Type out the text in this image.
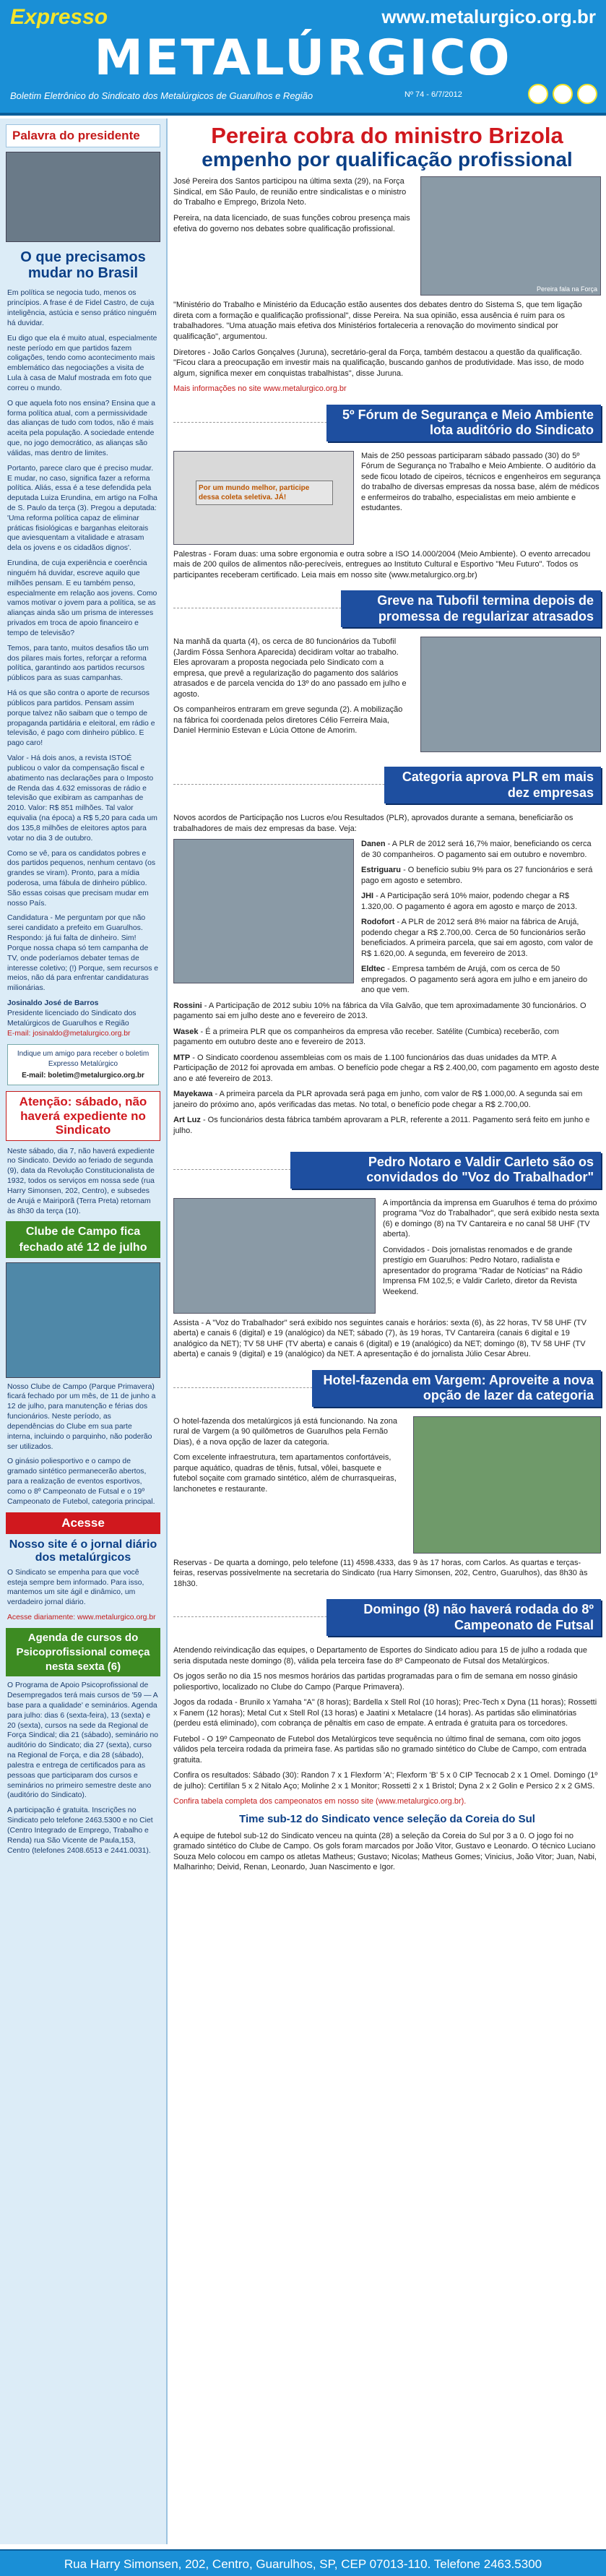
Expresso	www.metalurgico.org.br
METALÚRGICO
Boletim Eletrônico do Sindicato dos Metalúrgicos de Guarulhos e Região	Nº 74 - 6/7/2012
Palavra do presidente
O que precisamos mudar no Brasil
Em política se negocia tudo, menos os princípios. A frase é de Fidel Castro, de cuja inteligência, astúcia e senso prático ninguém há duvidar.
Eu digo que ela é muito atual, especialmente neste período em que partidos fazem coligações, tendo como acontecimento mais emblemático das negociações a visita de Lula à casa de Maluf mostrada em foto que correu o mundo.
O que aquela foto nos ensina? Ensina que a forma política atual, com a permissividade das alianças de tudo com todos, não é mais aceita pela população. A sociedade entende que, no jogo democrático, as alianças são válidas, mas dentro de limites.
Portanto, parece claro que é preciso mudar. E mudar, no caso, significa fazer a reforma política. Aliás, essa é a tese defendida pela deputada Luiza Erundina, em artigo na Folha de S. Paulo da terça (3). Pregou a deputada: 'Uma reforma política capaz de eliminar práticas fisiológicas e barganhas eleitorais que aviesquentam a vitalidade e atrasam dela os jovens e os cidadãos dignos'.
Erundina, de cuja experiência e coerência ninguém há duvidar, escreve aquilo que milhões pensam. E eu também penso, especialmente em relação aos jovens. Como vamos motivar o jovem para a política, se as alianças ainda são um prisma de interesses privados em troca de apoio financeiro e tempo de televisão?
Temos, para tanto, muitos desafios tão um dos pilares mais fortes, reforçar a reforma política, garantindo aos partidos recursos públicos para as suas campanhas.
Há os que são contra o aporte de recursos públicos para partidos. Pensam assim porque talvez não saibam que o tempo de propaganda partidária e eleitoral, em rádio e televisão, é pago com dinheiro público. E pago caro!
Valor - Há dois anos, a revista ISTOÉ publicou o valor da compensação fiscal e abatimento nas declarações para o Imposto de Renda das 4.632 emissoras de rádio e televisão que exibiram as campanhas de 2010. Valor: R$ 851 milhões. Tal valor equivalia (na época) a R$ 5,20 para cada um dos 135,8 milhões de eleitores aptos para votar no dia 3 de outubro.
Como se vê, para os candidatos pobres e dos partidos pequenos, nenhum centavo (os grandes se viram). Pronto, para a mídia poderosa, uma fábula de dinheiro público. São essas coisas que precisam mudar em nosso País.
Candidatura - Me perguntam por que não serei candidato a prefeito em Guarulhos. Respondo: já fui falta de dinheiro. Sim! Porque nossa chapa só tem campanha de TV, onde poderíamos debater temas de interesse coletivo; (!) Porque, sem recursos e meios, não dá para enfrentar candidaturas milionárias.
Josinaldo José de Barros
Presidente licenciado do Sindicato dos Metalúrgicos de Guarulhos e Região
E-mail: josinaldo@metalurgico.org.br
Indique um amigo para receber o boletim Expresso Metalúrgico
E-mail: boletim@metalurgico.org.br
Atenção: sábado, não haverá expediente no Sindicato
Neste sábado, dia 7, não haverá expediente no Sindicato. Devido ao feriado de segunda (9), data da Revolução Constitucionalista de 1932, todos os serviços em nossa sede (rua Harry Simonsen, 202, Centro), e subsedes de Arujá e Mairiporã (Terra Preta) retornam às 8h30 da terça (10).
Clube de Campo fica fechado até 12 de julho
Nosso Clube de Campo (Parque Primavera) ficará fechado por um mês, de 11 de junho a 12 de julho, para manutenção e férias dos funcionários. Neste período, as dependências do Clube em sua parte interna, incluindo o parquinho, não poderão ser utilizados.
O ginásio poliesportivo e o campo de gramado sintético permanecerão abertos, para a realização de eventos esportivos, como o 8º Campeonato de Futsal e o 19º Campeonato de Futebol, categoria principal.
Acesse
Nosso site é o jornal diário dos metalúrgicos
O Sindicato se empenha para que você esteja sempre bem informado. Para isso, mantemos um site ágil e dinâmico, um verdadeiro jornal diário.
Acesse diariamente: www.metalurgico.org.br
Agenda de cursos do Psicoprofissional começa nesta sexta (6)
O Programa de Apoio Psicoprofissional de Desempregados terá mais cursos de '59 — A base para a qualidade' e seminários. Agenda para julho: dias 6 (sexta-feira), 13 (sexta) e 20 (sexta), cursos na sede da Regional de Força Sindical; dia 21 (sábado), seminário no auditório do Sindicato; dia 27 (sexta), curso na Regional de Força, e dia 28 (sábado), palestra e entrega de certificados para as pessoas que participaram dos cursos e seminários no primeiro semestre deste ano (auditório do Sindicato).
A participação é gratuita. Inscrições no Sindicato pelo telefone 2463.5300 e no Ciet (Centro Integrado de Emprego, Trabalho e Renda) rua São Vicente de Paula,153, Centro (telefones 2408.6513 e 2441.0031).
Pereira cobra do ministro Brizola
empenho por qualificação profissional
Pereira fala na Força
José Pereira dos Santos participou na última sexta (29), na Força Sindical, em São Paulo, de reunião entre sindicalistas e o ministro do Trabalho e Emprego, Brizola Neto.
Pereira, na data licenciado, de suas funções cobrou presença mais efetiva do governo nos debates sobre qualificação profissional.
"Ministério do Trabalho e Ministério da Educação estão ausentes dos debates dentro do Sistema S, que tem ligação direta com a formação e qualificação profissional", disse Pereira. Na sua opinião, essa ausência é ruim para os trabalhadores. "Uma atuação mais efetiva dos Ministérios fortaleceria a renovação do movimento sindical por qualificação", argumentou.
Diretores - João Carlos Gonçalves (Juruna), secretário-geral da Força, também destacou a questão da qualificação. "Ficou clara a preocupação em investir mais na qualificação, buscando ganhos de produtividade. Mas isso, de modo algum, significa mexer em conquistas trabalhistas", disse Juruna.
Mais informações no site www.metalurgico.org.br
5º Fórum de Segurança e Meio Ambiente lota auditório do Sindicato
Por um mundo melhor, participe dessa coleta seletiva. JÁ!
Mais de 250 pessoas participaram sábado passado (30) do 5º Fórum de Segurança no Trabalho e Meio Ambiente. O auditório da sede ficou lotado de cipeiros, técnicos e engenheiros em segurança do trabalho de diversas empresas da nossa base, além de médicos e enfermeiros do trabalho, especialistas em meio ambiente e estudantes.
Palestras - Foram duas: uma sobre ergonomia e outra sobre a ISO 14.000/2004 (Meio Ambiente). O evento arrecadou mais de 200 quilos de alimentos não-perecíveis, entregues ao Instituto Cultural e Esportivo "Meu Futuro". Todos os participantes receberam certificado. Leia mais em nosso site (www.metalurgico.org.br)
Greve na Tubofil termina depois de promessa de regularizar atrasados
Na manhã da quarta (4), os cerca de 80 funcionários da Tubofil (Jardim Fóssa Senhora Aparecida) decidiram voltar ao trabalho. Eles aprovaram a proposta negociada pelo Sindicato com a empresa, que prevê a regularização do pagamento dos salários atrasados e de parcela vencida do 13º do ano passado em julho e agosto.
Os companheiros entraram em greve segunda (2). A mobilização na fábrica foi coordenada pelos diretores Célio Ferreira Maia, Daniel Herminio Estevan e Lúcia Ottone de Amorim.
Categoria aprova PLR em mais dez empresas
Novos acordos de Participação nos Lucros e/ou Resultados (PLR), aprovados durante a semana, beneficiarão os trabalhadores de mais dez empresas da base. Veja:
Danen - A PLR de 2012 será 16,7% maior, beneficiando os cerca de 30 companheiros. O pagamento sai em outubro e novembro.
Estriguaru - O benefício subiu 9% para os 27 funcionários e será pago em agosto e setembro.
JHI - A Participação será 10% maior, podendo chegar a R$ 1.320,00. O pagamento é agora em agosto e março de 2013.
Rodofort - A PLR de 2012 será 8% maior na fábrica de Arujá, podendo chegar a R$ 2.700,00. Cerca de 50 funcionários serão beneficiados. A primeira parcela, que sai em agosto, com valor de R$ 1.620,00. A segunda, em fevereiro de 2013.
Eldtec - Empresa também de Arujá, com os cerca de 50 empregados. O pagamento será agora em julho e em janeiro do ano que vem.
Rossini - A Participação de 2012 subiu 10% na fábrica da Vila Galvão, que tem aproximadamente 30 funcionários. O pagamento sai em julho deste ano e fevereiro de 2013.
Wasek - É a primeira PLR que os companheiros da empresa vão receber. Satélite (Cumbica) receberão, com pagamento em outubro deste ano e fevereiro de 2013.
MTP - O Sindicato coordenou assembleias com os mais de 1.100 funcionários das duas unidades da MTP. A Participação de 2012 foi aprovada em ambas. O benefício pode chegar a R$ 2.400,00, com pagamento em agosto deste ano e até fevereiro de 2013.
Mayekawa - A primeira parcela da PLR aprovada será paga em junho, com valor de R$ 1.000,00. A segunda sai em janeiro do próximo ano, após verificadas das metas. No total, o benefício pode chegar a R$ 2.700,00.
Art Luz - Os funcionários desta fábrica também aprovaram a PLR, referente a 2011. Pagamento será feito em junho e julho.
Pedro Notaro e Valdir Carleto são os convidados do "Voz do Trabalhador"
A importância da imprensa em Guarulhos é tema do próximo programa "Voz do Trabalhador", que será exibido nesta sexta (6) e domingo (8) na TV Cantareira e no canal 58 UHF (TV aberta).
Convidados - Dois jornalistas renomados e de grande prestígio em Guarulhos: Pedro Notaro, radialista e apresentador do programa "Radar de Notícias" na Rádio Imprensa FM 102,5; e Valdir Carleto, diretor da Revista Weekend.
Assista - A "Voz do Trabalhador" será exibido nos seguintes canais e horários: sexta (6), às 22 horas, TV 58 UHF (TV aberta) e canais 6 (digital) e 19 (analógico) da NET; sábado (7), às 19 horas, TV Cantareira (canais 6 digital e 19 analógico da NET); TV 58 UHF (TV aberta) e canais 6 (digital) e 19 (analógico) da NET; domingo (8), TV 58 UHF (TV aberta) e canais 9 (digital) e 19 (analógico) da NET. A apresentação é do jornalista Júlio Cesar Abreu.
Hotel-fazenda em Vargem: Aproveite a nova opção de lazer da categoria
O hotel-fazenda dos metalúrgicos já está funcionando. Na zona rural de Vargem (a 90 quilômetros de Guarulhos pela Fernão Dias), é a nova opção de lazer da categoria.
Com excelente infraestrutura, tem apartamentos confortáveis, parque aquático, quadras de tênis, futsal, vôlei, basquete e futebol soçaite com gramado sintético, além de churrasqueiras, lanchonetes e restaurante.
Reservas - De quarta a domingo, pelo telefone (11) 4598.4333, das 9 às 17 horas, com Carlos. As quartas e terças-feiras, reservas possivelmente na secretaria do Sindicato (rua Harry Simonsen, 202, Centro, Guarulhos), das 8h30 às 18h30.
Domingo (8) não haverá rodada do 8º Campeonato de Futsal
Atendendo reivindicação das equipes, o Departamento de Esportes do Sindicato adiou para 15 de julho a rodada que seria disputada neste domingo (8), válida pela terceira fase do 8º Campeonato de Futsal dos Metalúrgicos.
Os jogos serão no dia 15 nos mesmos horários das partidas programadas para o fim de semana em nosso ginásio poliesportivo, localizado no Clube do Campo (Parque Primavera).
Jogos da rodada - Brunilo x Yamaha "A" (8 horas); Bardella x Stell Rol (10 horas); Prec-Tech x Dyna (11 horas); Rossetti x Fanem (12 horas); Metal Cut x Stell Rol (13 horas) e Jaatini x Metalacre (14 horas). As partidas são eliminatórias (perdeu está eliminado), com cobrança de pênaltis em caso de empate. A entrada é gratuita para os torcedores.
Futebol - O 19º Campeonato de Futebol dos Metalúrgicos teve sequência no último final de semana, com oito jogos válidos pela terceira rodada da primeira fase. As partidas são no gramado sintético do Clube de Campo, com entrada gratuita.
Confira os resultados: Sábado (30): Randon 7 x 1 Flexform 'A'; Flexform 'B' 5 x 0 CIP Tecnocab 2 x 1 Omel. Domingo (1º de julho): Certifilan 5 x 2 Nitalo Aço; Molinhe 2 x 1 Monitor; Rossetti 2 x 1 Bristol; Dyna 2 x 2 Golin e Persico 2 x 2 GMS.
Confira tabela completa dos campeonatos em nosso site (www.metalurgico.org.br).
Time sub-12 do Sindicato vence seleção da Coreia do Sul
A equipe de futebol sub-12 do Sindicato venceu na quinta (28) a seleção da Coreia do Sul por 3 a 0. O jogo foi no gramado sintético do Clube de Campo. Os gols foram marcados por João Vitor, Gustavo e Leonardo. O técnico Luciano Souza Melo colocou em campo os atletas Matheus; Gustavo; Nicolas; Matheus Gomes; Vinicius, João Vitor; Juan, Nabi, Malharinho; Deivid, Renan, Leonardo, Juan Nascimento e Igor.
Rua Harry Simonsen, 202, Centro, Guarulhos, SP, CEP 07013-110. Telefone 2463.5300
